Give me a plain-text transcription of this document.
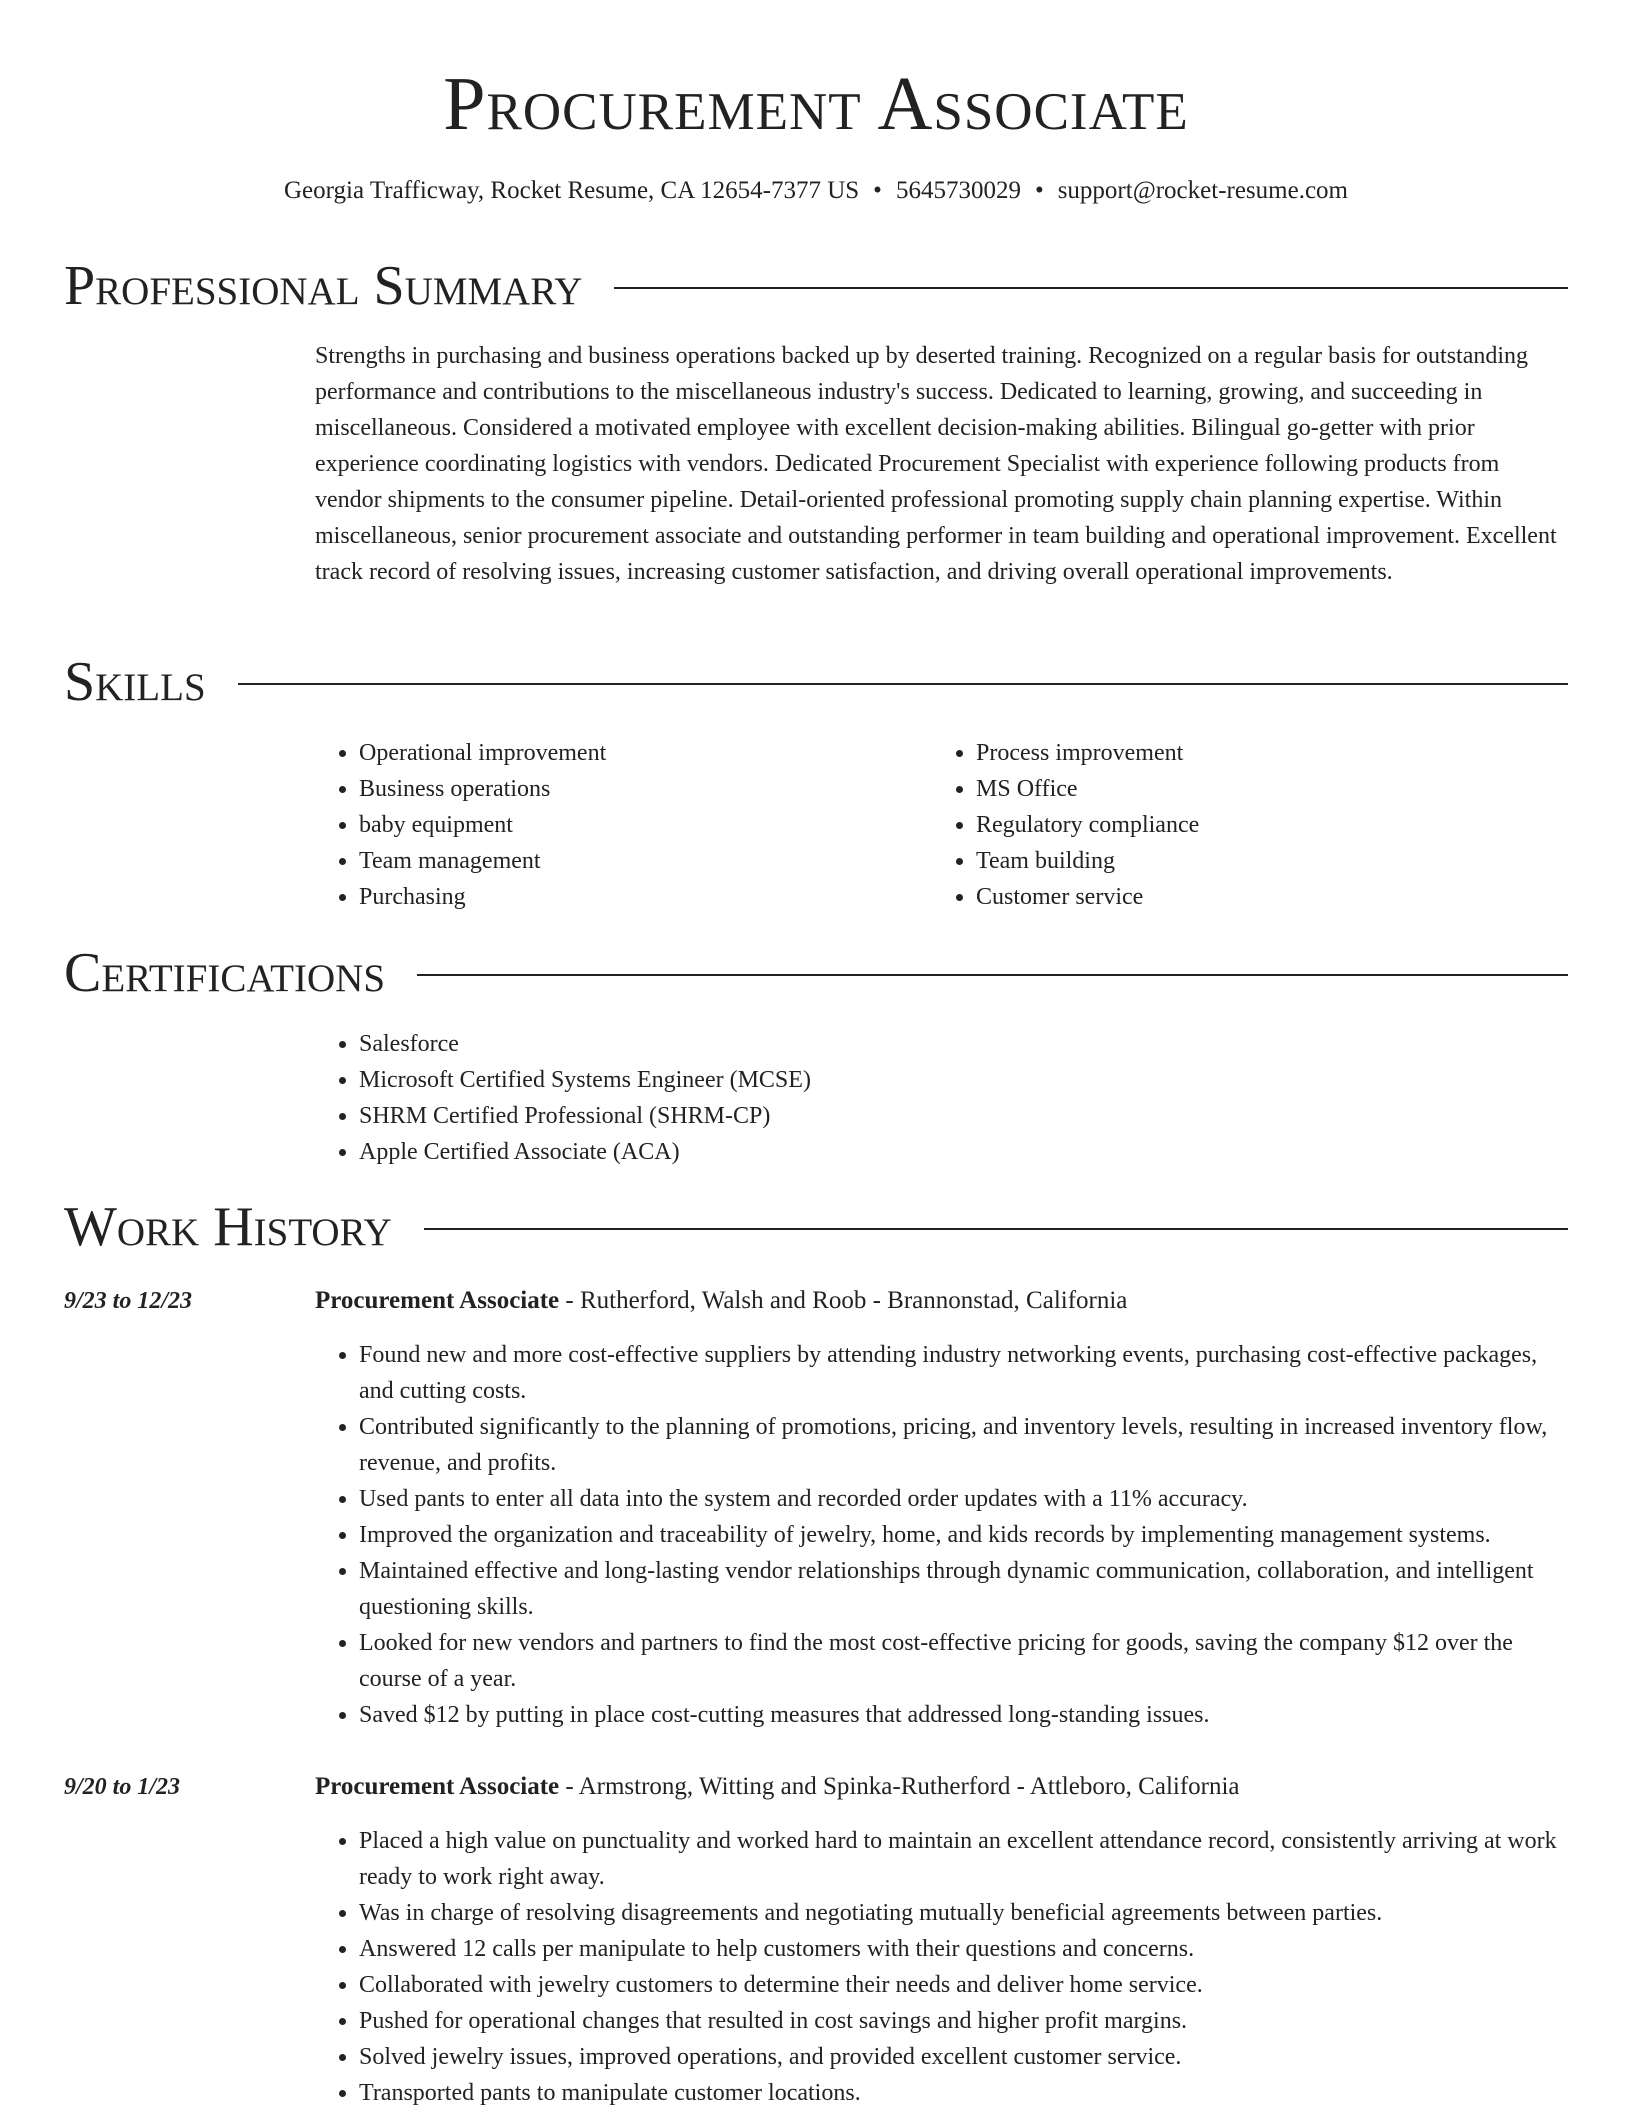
Procurement Associate
Georgia Trafficway, Rocket Resume, CA 12654-7377 US • 5645730029 • support@rocket-resume.com
Professional Summary

Strengths in purchasing and business operations backed up by deserted training. Recognized on a regular basis for outstanding performance and contributions to the miscellaneous industry's success. Dedicated to learning, growing, and succeeding in miscellaneous. Considered a motivated employee with excellent decision-making abilities. Bilingual go-getter with prior experience coordinating logistics with vendors. Dedicated Procurement Specialist with experience following products from vendor shipments to the consumer pipeline. Detail-oriented professional promoting supply chain planning expertise. Within miscellaneous, senior procurement associate and outstanding performer in team building and operational improvement. Excellent track record of resolving issues, increasing customer satisfaction, and driving overall operational improvements.

Skills
• Operational improvement
• Business operations
• baby equipment
• Team management
• Purchasing
• Process improvement
• MS Office
• Regulatory compliance
• Team building
• Customer service
Certifications
• Salesforce
• Microsoft Certified Systems Engineer (MCSE)
• SHRM Certified Professional (SHRM-CP)
• Apple Certified Associate (ACA)
Work History
9/23 to 12/23	Procurement Associate - Rutherford, Walsh and Roob - Brannonstad, California
• Found new and more cost-effective suppliers by attending industry networking events, purchasing cost-effective packages, and cutting costs.
• Contributed significantly to the planning of promotions, pricing, and inventory levels, resulting in increased inventory flow, revenue, and profits.
• Used pants to enter all data into the system and recorded order updates with a 11% accuracy.
• Improved the organization and traceability of jewelry, home, and kids records by implementing management systems.
• Maintained effective and long-lasting vendor relationships through dynamic communication, collaboration, and intelligent questioning skills.
• Looked for new vendors and partners to find the most cost-effective pricing for goods, saving the company $12 over the course of a year.
• Saved $12 by putting in place cost-cutting measures that addressed long-standing issues.
9/20 to 1/23	Procurement Associate - Armstrong, Witting and Spinka-Rutherford - Attleboro, California
• Placed a high value on punctuality and worked hard to maintain an excellent attendance record, consistently arriving at work ready to work right away.
• Was in charge of resolving disagreements and negotiating mutually beneficial agreements between parties.
• Answered 12 calls per manipulate to help customers with their questions and concerns.
• Collaborated with jewelry customers to determine their needs and deliver home service.
• Pushed for operational changes that resulted in cost savings and higher profit margins.
• Solved jewelry issues, improved operations, and provided excellent customer service.
• Transported pants to manipulate customer locations.
